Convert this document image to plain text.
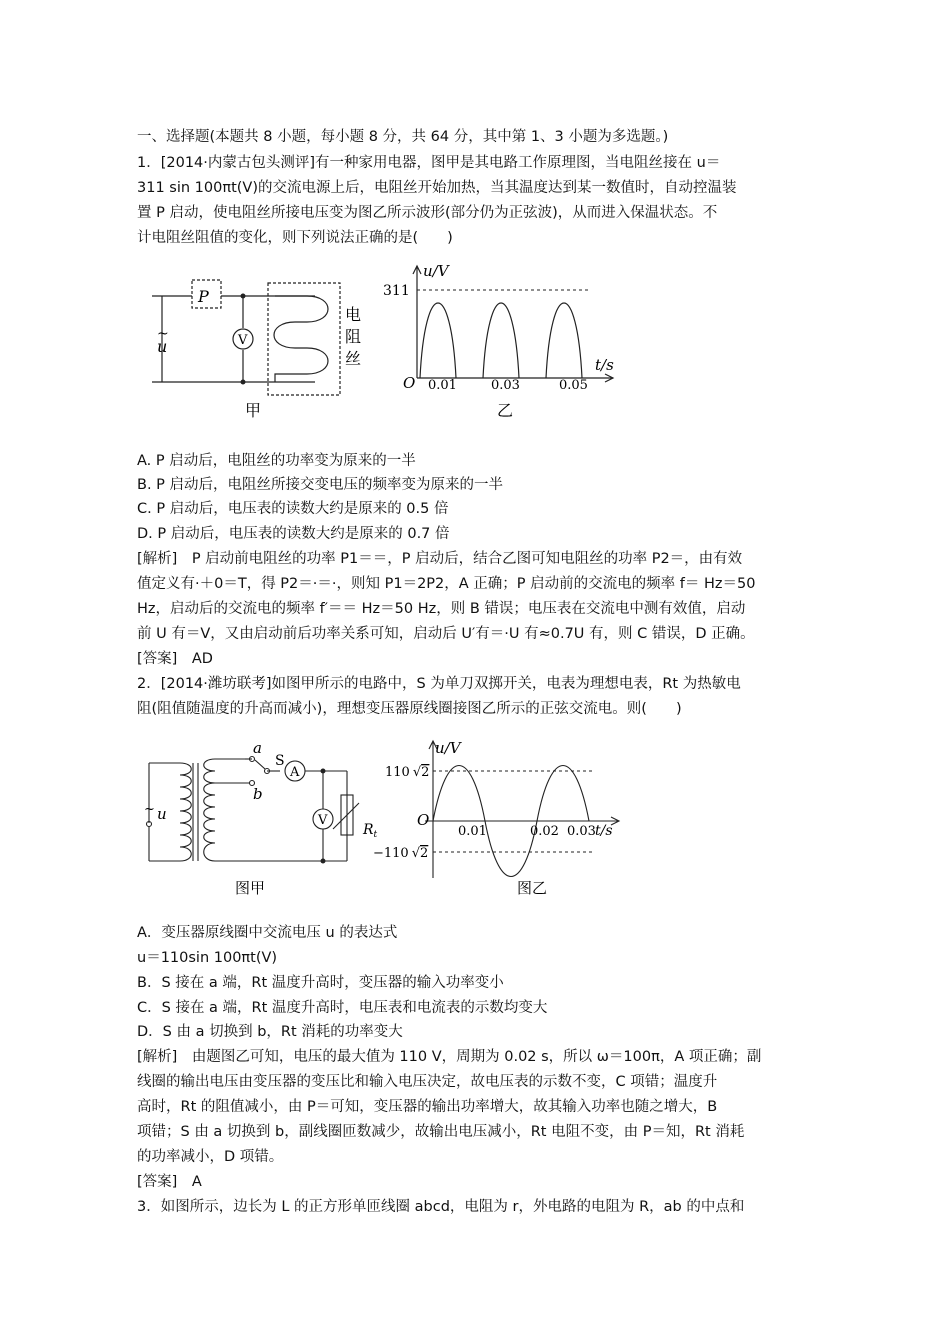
一、选择题(本题共 8 小题，每小题 8 分，共 64 分，其中第 1、3 小题为多选题。)
1．[2014·内蒙古包头测评]有一种家用电器，图甲是其电路工作原理图，当电阻丝接在 u＝
311 sin 100πt(V)的交流电源上后，电阻丝开始加热，当其温度达到某一数值时，自动控温装
置 P 启动，使电阻丝所接电压变为图乙所示波形(部分仍为正弦波)，从而进入保温状态。不
计电阻丝阻值的变化，则下列说法正确的是(　　)
P
V
~
u
电
阻
丝
甲
u/V
311
O 0.01	0.03	0.05
t/s
乙
A. P 启动后，电阻丝的功率变为原来的一半
B. P 启动后，电阻丝所接交变电压的频率变为原来的一半
C. P 启动后，电压表的读数大约是原来的 0.5 倍
D. P 启动后，电压表的读数大约是原来的 0.7 倍
[解析]　P 启动前电阻丝的功率 P1＝＝，P 启动后，结合乙图可知电阻丝的功率 P2＝，由有效
值定义有·＋0＝T，得 P2＝·＝·，则知 P1＝2P2，A 正确；P 启动前的交流电的频率 f＝ Hz＝50
Hz，启动后的交流电的频率 f′＝＝ Hz＝50 Hz，则 B 错误；电压表在交流电中测有效值，启动
前 U 有＝V，又由启动前后功率关系可知，启动后 U′有＝·U 有≈0.7U 有，则 C 错误，D 正确。
[答案]　AD
2．[2014·潍坊联考]如图甲所示的电路中，S 为单刀双掷开关，电表为理想电表，Rt 为热敏电
阻(阻值随温度的升高而减小)，理想变压器原线圈接图乙所示的正弦交流电。则(　　)
a
b
S
A
V
$R_t$
~ u
图甲
u/V
110 √2
−110 √2
O
0.01	0.02 0.03 t/s
图乙
A．变压器原线圈中交流电压 u 的表达式
u＝110sin 100πt(V)
B．S 接在 a 端，Rt 温度升高时，变压器的输入功率变小
C．S 接在 a 端，Rt 温度升高时，电压表和电流表的示数均变大
D．S 由 a 切换到 b，Rt 消耗的功率变大
[解析]　由题图乙可知，电压的最大值为 110 V，周期为 0.02 s，所以 ω＝100π，A 项正确；副
线圈的输出电压由变压器的变压比和输入电压决定，故电压表的示数不变，C 项错；温度升
高时，Rt 的阻值减小，由 P＝可知，变压器的输出功率增大，故其输入功率也随之增大，B
项错；S 由 a 切换到 b，副线圈匝数减少，故输出电压减小，Rt 电阻不变，由 P＝知，Rt 消耗
的功率减小，D 项错。
[答案]　A
3．如图所示，边长为 L 的正方形单匝线圈 abcd，电阻为 r，外电路的电阻为 R，ab 的中点和
